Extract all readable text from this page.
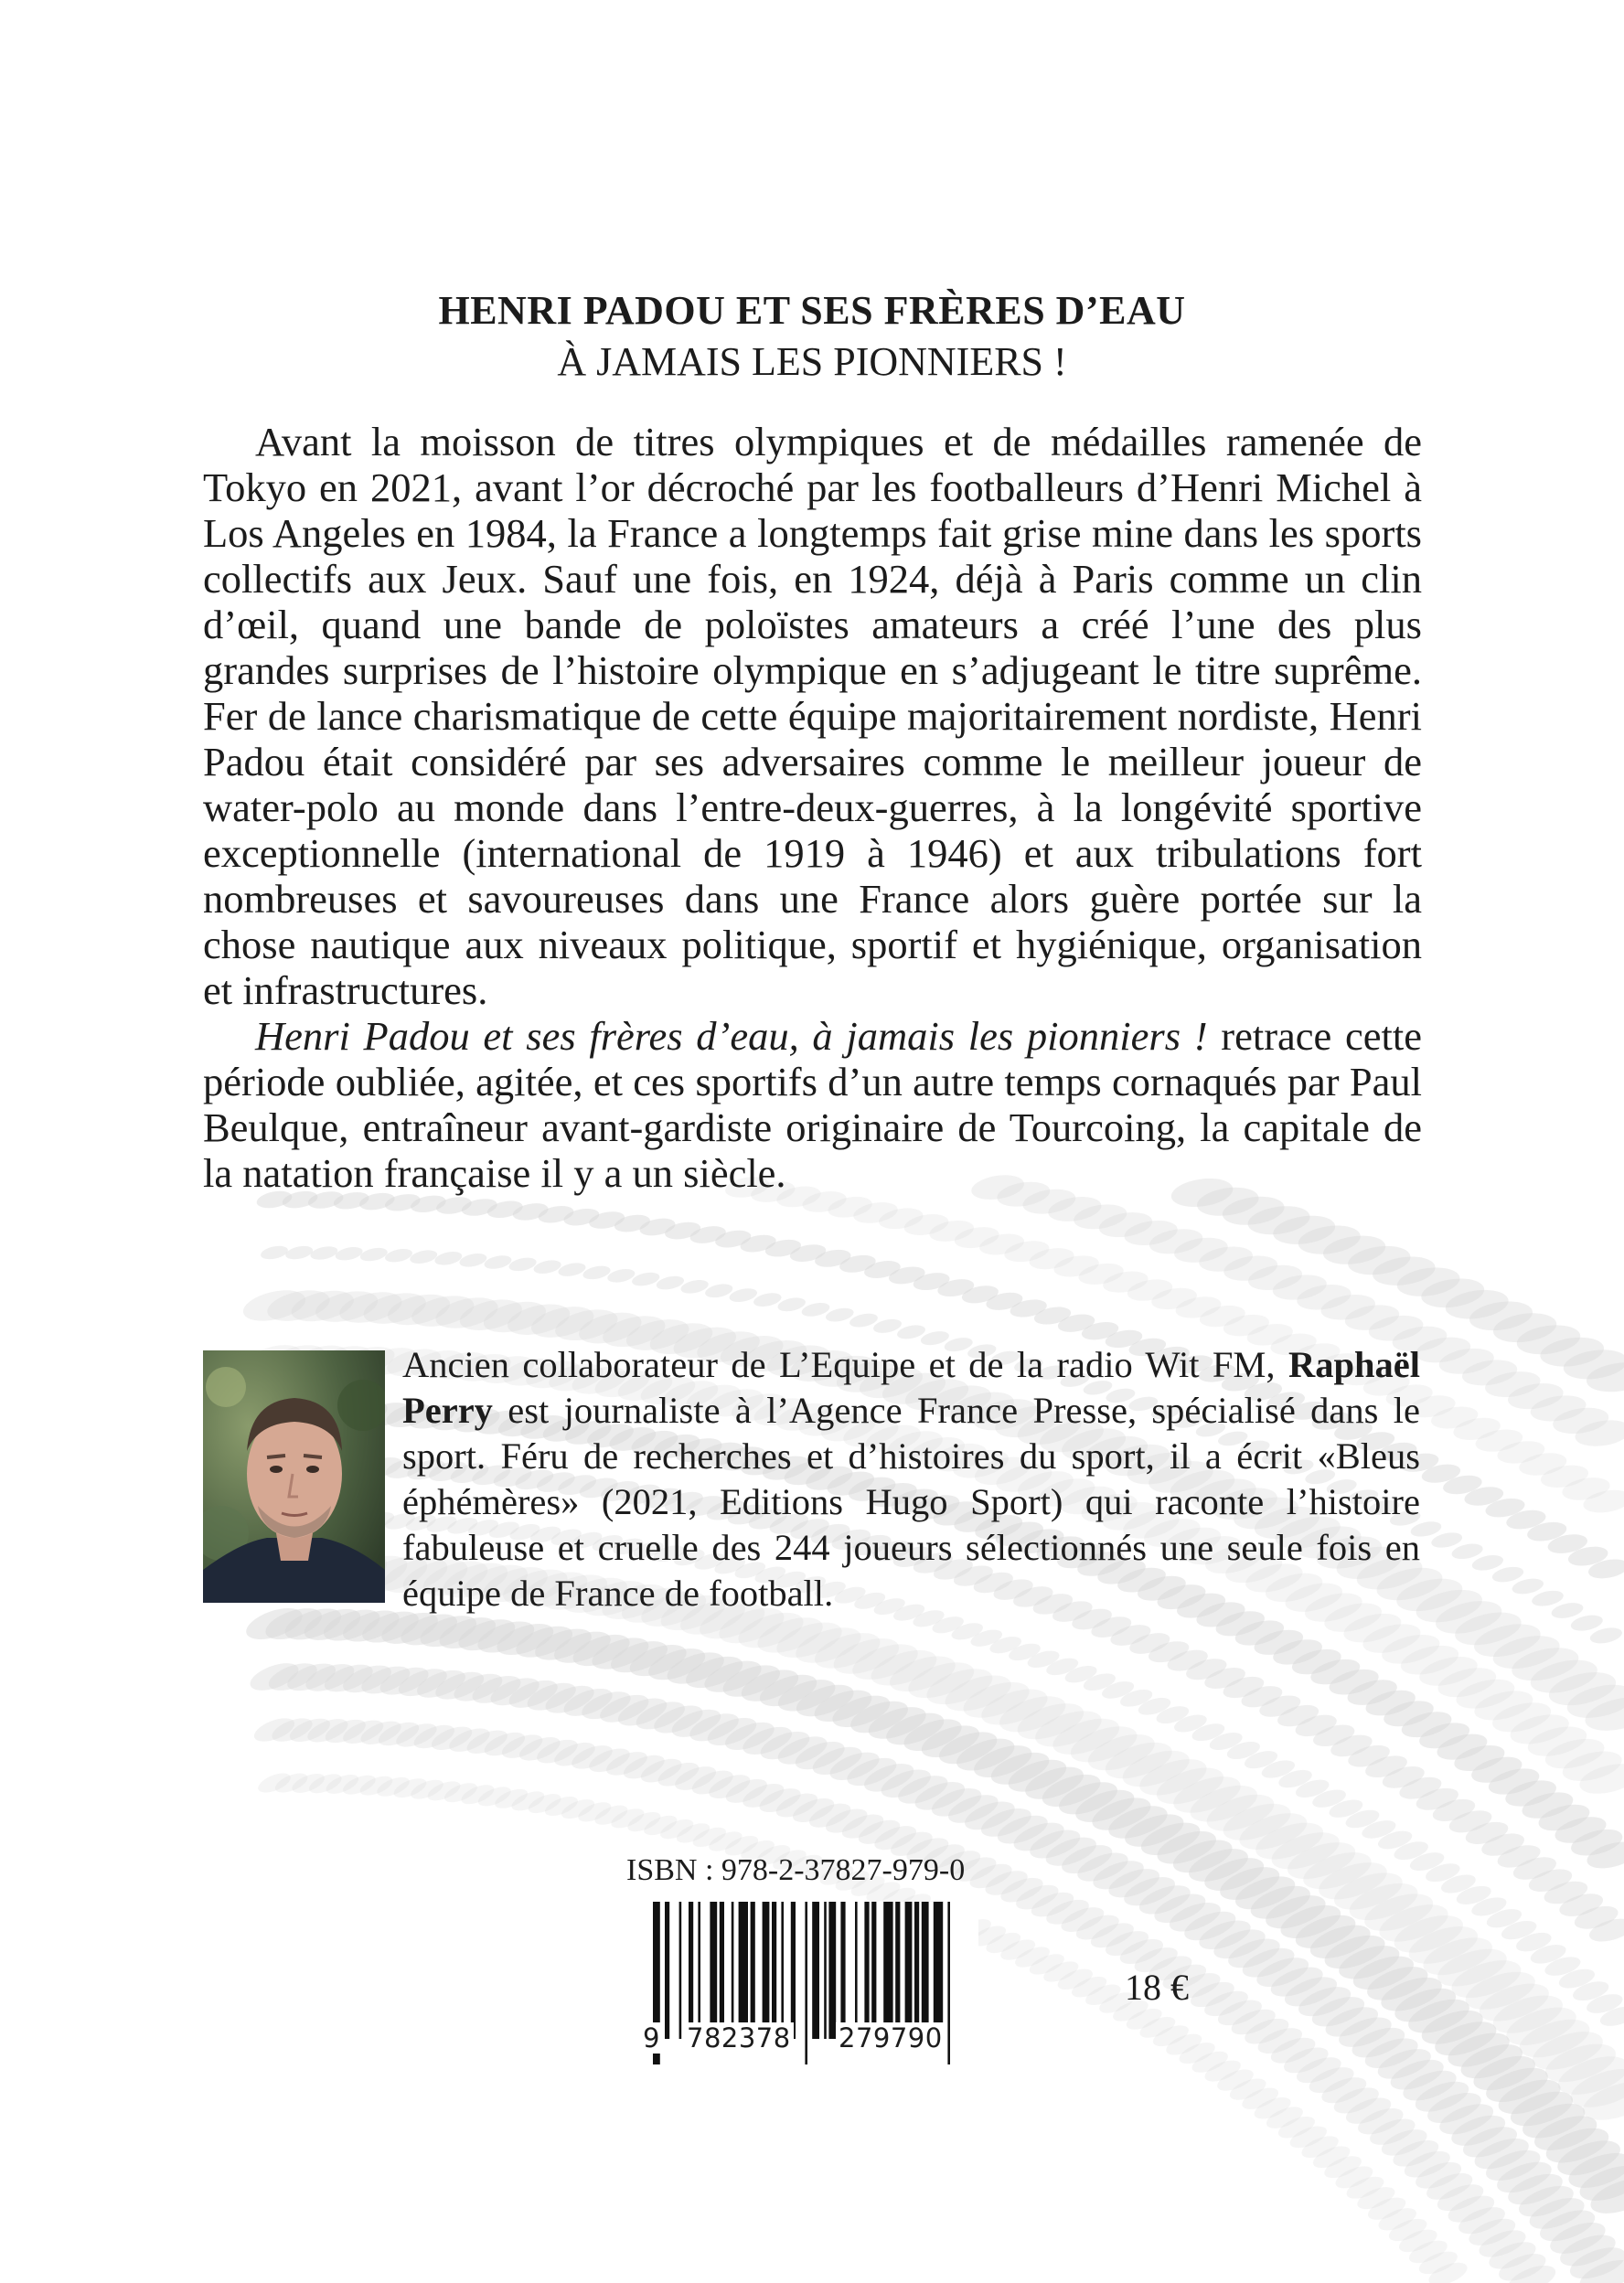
HENRI PADOU ET SES FRÈRES D’EAU
À JAMAIS LES PIONNIERS !

Avant la moisson de titres olympiques et de médailles ramenée de Tokyo en 2021, avant l’or décroché par les footballeurs d’Henri Michel à Los Angeles en 1984, la France a longtemps fait grise mine dans les sports collectifs aux Jeux. Sauf une fois, en 1924, déjà à Paris comme un clin d’œil, quand une bande de poloïstes amateurs a créé l’une des plus grandes surprises de l’histoire olympique en s’adjugeant le titre suprême. Fer de lance charismatique de cette équipe majoritairement nordiste, Henri Padou était considéré par ses adversaires comme le meilleur joueur de water-polo au monde dans l’entre-deux-guerres, à la longévité sportive exceptionnelle (international de 1919 à 1946) et aux tribulations fort nombreuses et savoureuses dans une France alors guère portée sur la chose nautique aux niveaux politique, sportif et hygiénique, organisation et infrastructures.

Henri Padou et ses frères d’eau, à jamais les pionniers ! retrace cette période oubliée, agitée, et ces sportifs d’un autre temps cornaqués par Paul Beulque, entraîneur avant-gardiste originaire de Tourcoing, la capitale de la natation française il y a un siècle.

Ancien collaborateur de L’Equipe et de la radio Wit FM, Raphaël Perry est journaliste à l’Agence France Presse, spécialisé dans le sport. Féru de recherches et d’histoires du sport, il a écrit «Bleus éphémères» (2021, Editions Hugo Sport) qui raconte l’histoire fabuleuse et cruelle des 244 joueurs sélectionnés une seule fois en équipe de France de football.

ISBN : 978-2-37827-979-0
9 782378 279790
18 €
